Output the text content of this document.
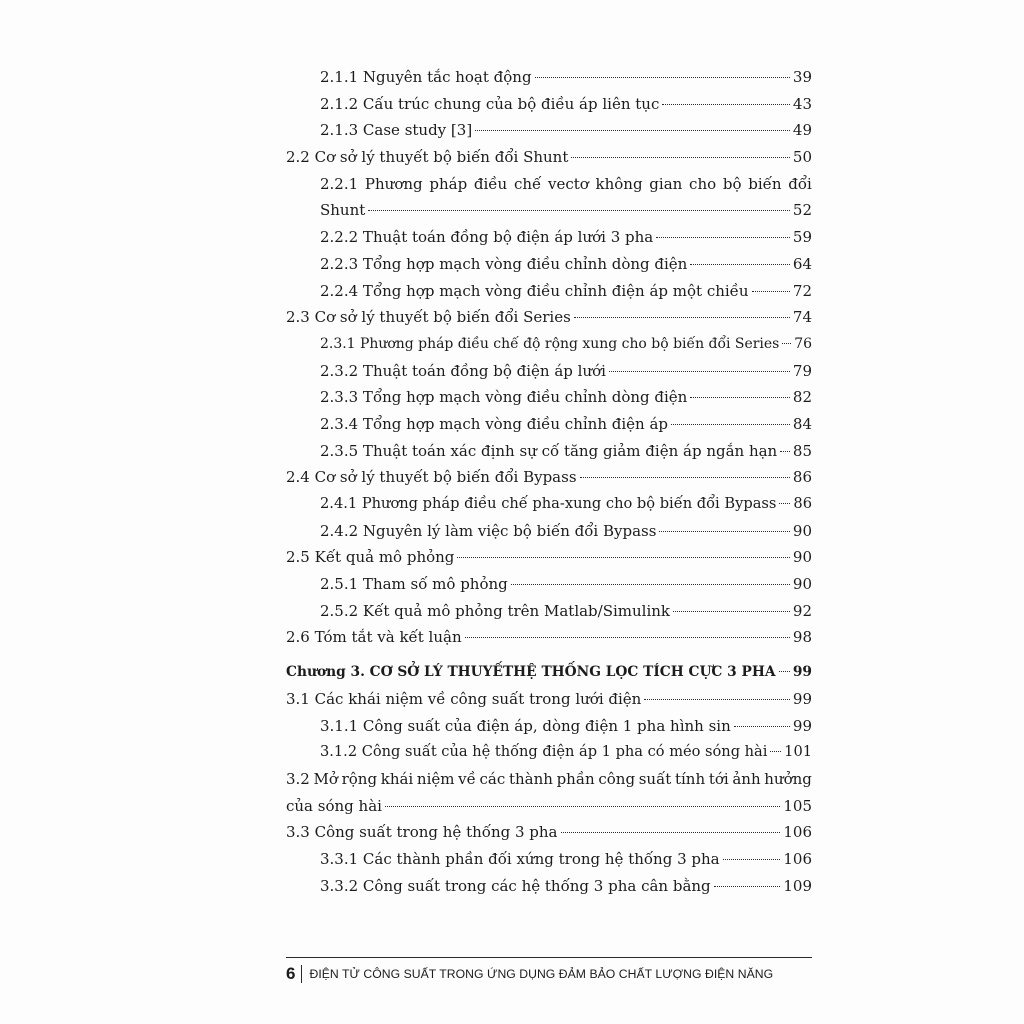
2.1.1 Nguyên tắc hoạt động	39
2.1.2 Cấu trúc chung của bộ điều áp liên tục	43
2.1.3 Case study [3]	49
2.2 Cơ sở lý thuyết bộ biến đổi Shunt	50
2.2.1 Phương pháp điều chế vectơ không gian cho bộ biến đổi
Shunt	52
2.2.2 Thuật toán đồng bộ điện áp lưới 3 pha	59
2.2.3 Tổng hợp mạch vòng điều chỉnh dòng điện	64
2.2.4 Tổng hợp mạch vòng điều chỉnh điện áp một chiều	72
2.3 Cơ sở lý thuyết bộ biến đổi Series	74
2.3.1 Phương pháp điều chế độ rộng xung cho bộ biến đổi Series 76
2.3.2 Thuật toán đồng bộ điện áp lưới	79
2.3.3 Tổng hợp mạch vòng điều chỉnh dòng điện	82
2.3.4 Tổng hợp mạch vòng điều chỉnh điện áp	84
2.3.5 Thuật toán xác định sự cố tăng giảm điện áp ngắn hạn 85
2.4 Cơ sở lý thuyết bộ biến đổi Bypass	86
2.4.1 Phương pháp điều chế pha-xung cho bộ biến đổi Bypass 86
2.4.2 Nguyên lý làm việc bộ biến đổi Bypass	90
2.5 Kết quả mô phỏng	90
2.5.1 Tham số mô phỏng	90
2.5.2 Kết quả mô phỏng trên Matlab/Simulink	92
2.6 Tóm tắt và kết luận	98
Chương 3. CƠ SỞ LÝ THUYẾTHỆ THỐNG LỌC TÍCH CỰC 3 PHA 99
3.1 Các khái niệm về công suất trong lưới điện	99
3.1.1 Công suất của điện áp, dòng điện 1 pha hình sin	99
3.1.2 Công suất của hệ thống điện áp 1 pha có méo sóng hài 101
3.2 Mở rộng khái niệm về các thành phần công suất tính tới ảnh hưởng
của sóng hài	105
3.3 Công suất trong hệ thống 3 pha	106
3.3.1 Các thành phần đối xứng trong hệ thống 3 pha	106
3.3.2 Công suất trong các hệ thống 3 pha cân bằng	109
6 ĐIỆN TỬ CÔNG SUẤT TRONG ỨNG DỤNG ĐẢM BẢO CHẤT LƯỢNG ĐIỆN NĂNG
